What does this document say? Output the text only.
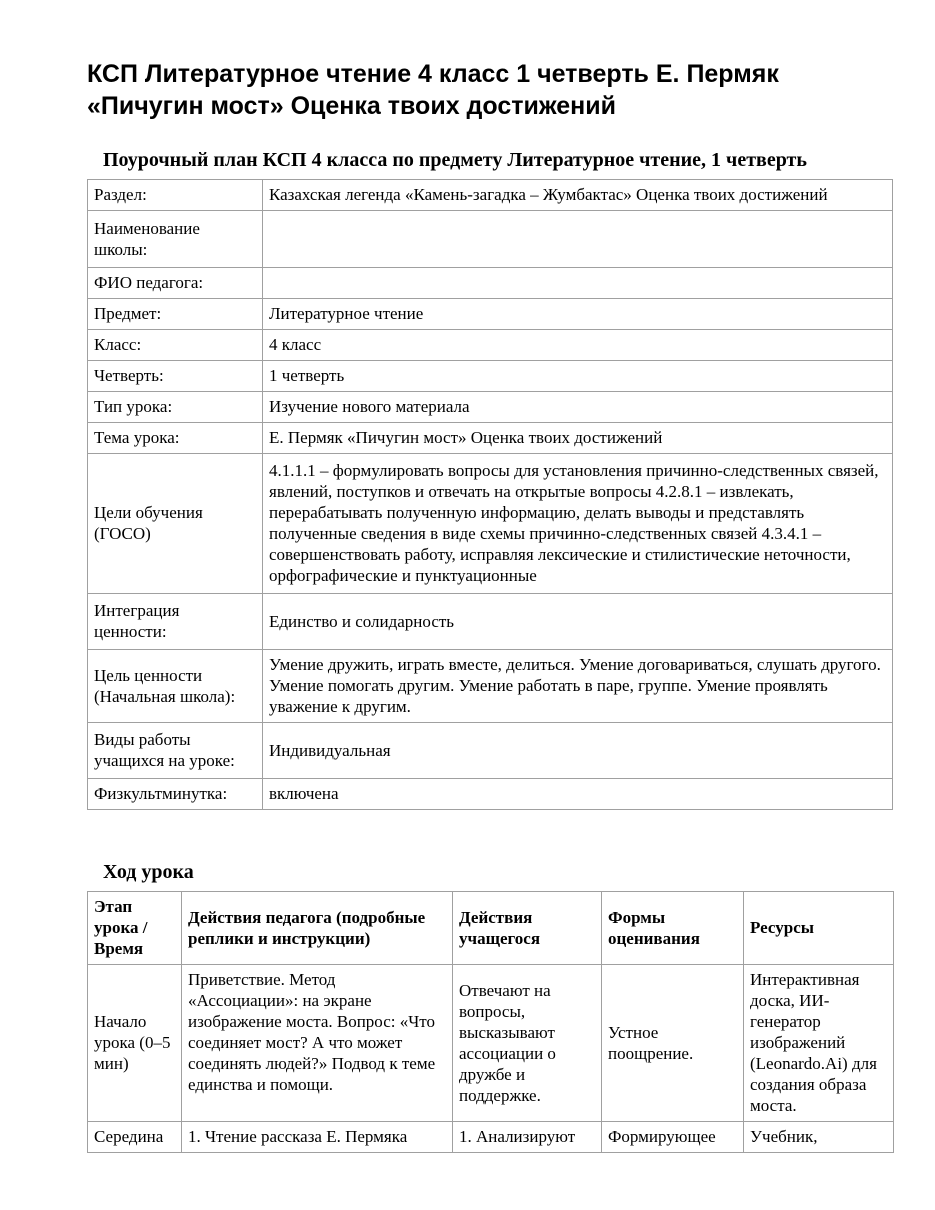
КСП Литературное чтение 4 класс 1 четверть Е. Пермяк «Пичугин мост» Оценка твоих достижений
Поурочный план КСП 4 класса по предмету Литературное чтение, 1 четверть
Раздел:	Казахская легенда «Камень-загадка – Жумбактас» Оценка твоих достижений
Наименование школы:	
ФИО педагога:	
Предмет:	Литературное чтение
Класс:	4 класс
Четверть:	1 четверть
Тип урока:	Изучение нового материала
Тема урока:	Е. Пермяк «Пичугин мост» Оценка твоих достижений
Цели обучения (ГОСО)	4.1.1.1 – формулировать вопросы для установления причинно-следственных связей, явлений, поступков и отвечать на открытые вопросы 4.2.8.1 – извлекать, перерабатывать полученную информацию, делать выводы и представлять полученные сведения в виде схемы причинно-следственных связей 4.3.4.1 – совершенствовать работу, исправляя лексические и стилистические неточности, орфографические и пунктуационные
Интеграция ценности:	Единство и солидарность
Цель ценности (Начальная школа):	Умение дружить, играть вместе, делиться. Умение договариваться, слушать другого. Умение помогать другим. Умение работать в паре, группе. Умение проявлять уважение к другим.
Виды работы учащихся на уроке:	Индивидуальная
Физкультминутка:	включена
Ход урока
Этап урока / Время	Действия педагога (подробные реплики и инструкции)	Действия учащегося	Формы оценивания	Ресурсы
Начало урока (0–5 мин)	Приветствие. Метод «Ассоциации»: на экране изображение моста. Вопрос: «Что соединяет мост? А что может соединять людей?» Подвод к теме единства и помощи.	Отвечают на вопросы, высказывают ассоциации о дружбе и поддержке.	Устное поощрение.	Интерактивная доска, ИИ-генератор изображений (Leonardo.Ai) для создания образа моста.
Середина	1. Чтение рассказа Е. Пермяка	1. Анализируют	Формирующее	Учебник,
